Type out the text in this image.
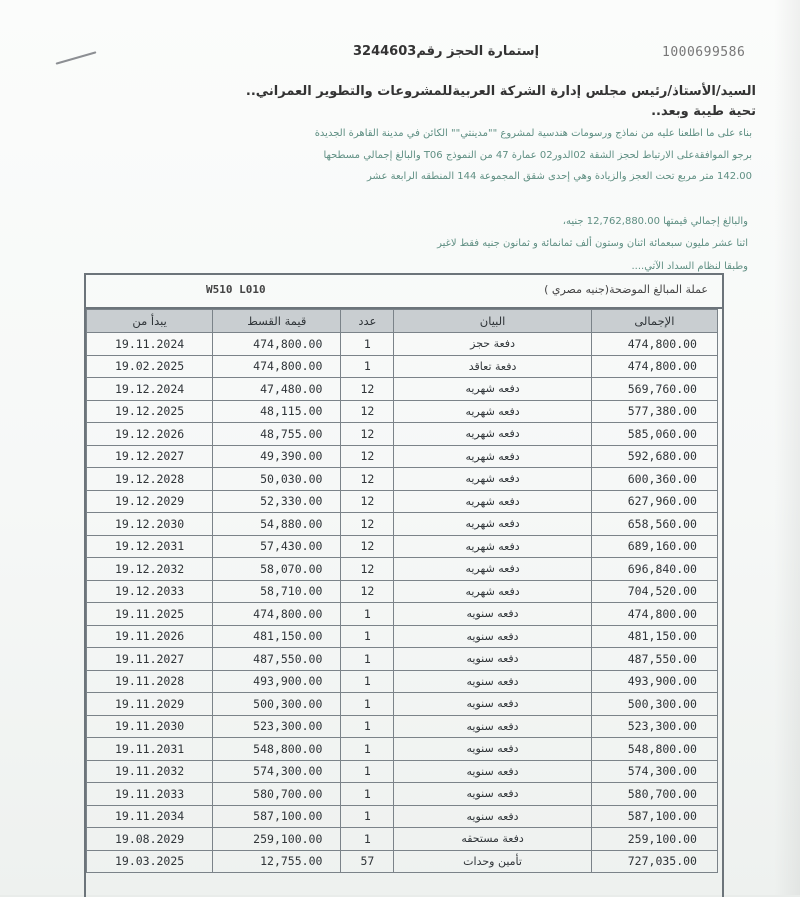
1000699586
إستمارة الحجز رقم3244603
السيد/الأستاذ/رئيس مجلس إدارة الشركة العربيةللمشروعات والتطوير العمراني..
تحية طيبة وبعد..
بناء على ما اطلعنا عليه من نماذج ورسومات هندسية لمشروع ""مدينتي"" الكائن في مدينة القاهرة الجديدة
برجو الموافقةعلى الارتباط لحجز الشقة 02الدور02 عمارة 47 من النموذج T06 والبالغ إجمالي مسطحها
142.00 متر مربع تحت العجز والزيادة وهي إحدى شقق المجموعة 144 المنطقه الرابعة عشر
والبالغ إجمالي قيمتها 12,762,880.00 جنيه،
اثنا عشر مليون سبعمائة اثنان وستون ألف ثمانمائة و ثمانون جنيه فقط لاغير
وطبقا لنظام السداد الآتي....
W510 L010	عملة المبالغ الموضحة(جنيه مصري )
يبدأ من	قيمة القسط	عدد	البيان	الإجمالى
19.11.2024	474,800.00	1	دفعة حجز	474,800.00
19.02.2025	474,800.00	1	دفعة تعاقد	474,800.00
19.12.2024	47,480.00	12	دفعه شهريه	569,760.00
19.12.2025	48,115.00	12	دفعه شهريه	577,380.00
19.12.2026	48,755.00	12	دفعه شهريه	585,060.00
19.12.2027	49,390.00	12	دفعه شهريه	592,680.00
19.12.2028	50,030.00	12	دفعه شهريه	600,360.00
19.12.2029	52,330.00	12	دفعه شهريه	627,960.00
19.12.2030	54,880.00	12	دفعه شهريه	658,560.00
19.12.2031	57,430.00	12	دفعه شهريه	689,160.00
19.12.2032	58,070.00	12	دفعه شهريه	696,840.00
19.12.2033	58,710.00	12	دفعه شهريه	704,520.00
19.11.2025	474,800.00	1	دفعه سنويه	474,800.00
19.11.2026	481,150.00	1	دفعه سنويه	481,150.00
19.11.2027	487,550.00	1	دفعه سنويه	487,550.00
19.11.2028	493,900.00	1	دفعه سنويه	493,900.00
19.11.2029	500,300.00	1	دفعه سنويه	500,300.00
19.11.2030	523,300.00	1	دفعه سنويه	523,300.00
19.11.2031	548,800.00	1	دفعه سنويه	548,800.00
19.11.2032	574,300.00	1	دفعه سنويه	574,300.00
19.11.2033	580,700.00	1	دفعه سنويه	580,700.00
19.11.2034	587,100.00	1	دفعه سنويه	587,100.00
19.08.2029	259,100.00	1	دفعة مستحقه	259,100.00
19.03.2025	12,755.00	57	تأمين وحدات	727,035.00
